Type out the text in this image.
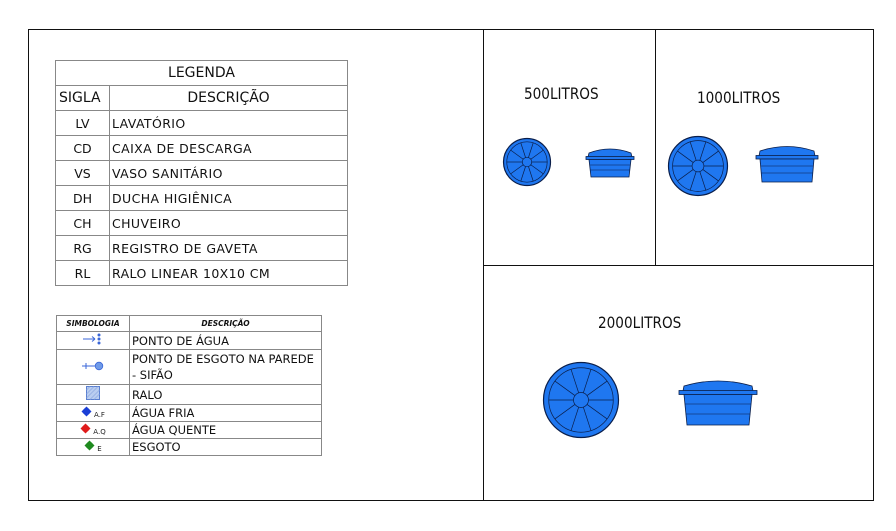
LEGENDA	
SIGLA	DESCRIÇÃO
LV	LAVATÓRIO
CD	CAIXA DE DESCARGA
VS	VASO SANITÁRIO
DH	DUCHA HIGIÊNICA
CH	CHUVEIRO
RG	REGISTRO DE GAVETA
RL	RALO LINEAR 10X10 CM
SIMBOLOGIA	DESCRIÇÃO
	PONTO DE ÁGUA
	PONTO DE ESGOTO NA PAREDE - SIFÃO
	RALO
A.F	ÁGUA FRIA
A.Q	ÁGUA QUENTE
E	ESGOTO
500LITROS	1000LITROS
2000LITROS
